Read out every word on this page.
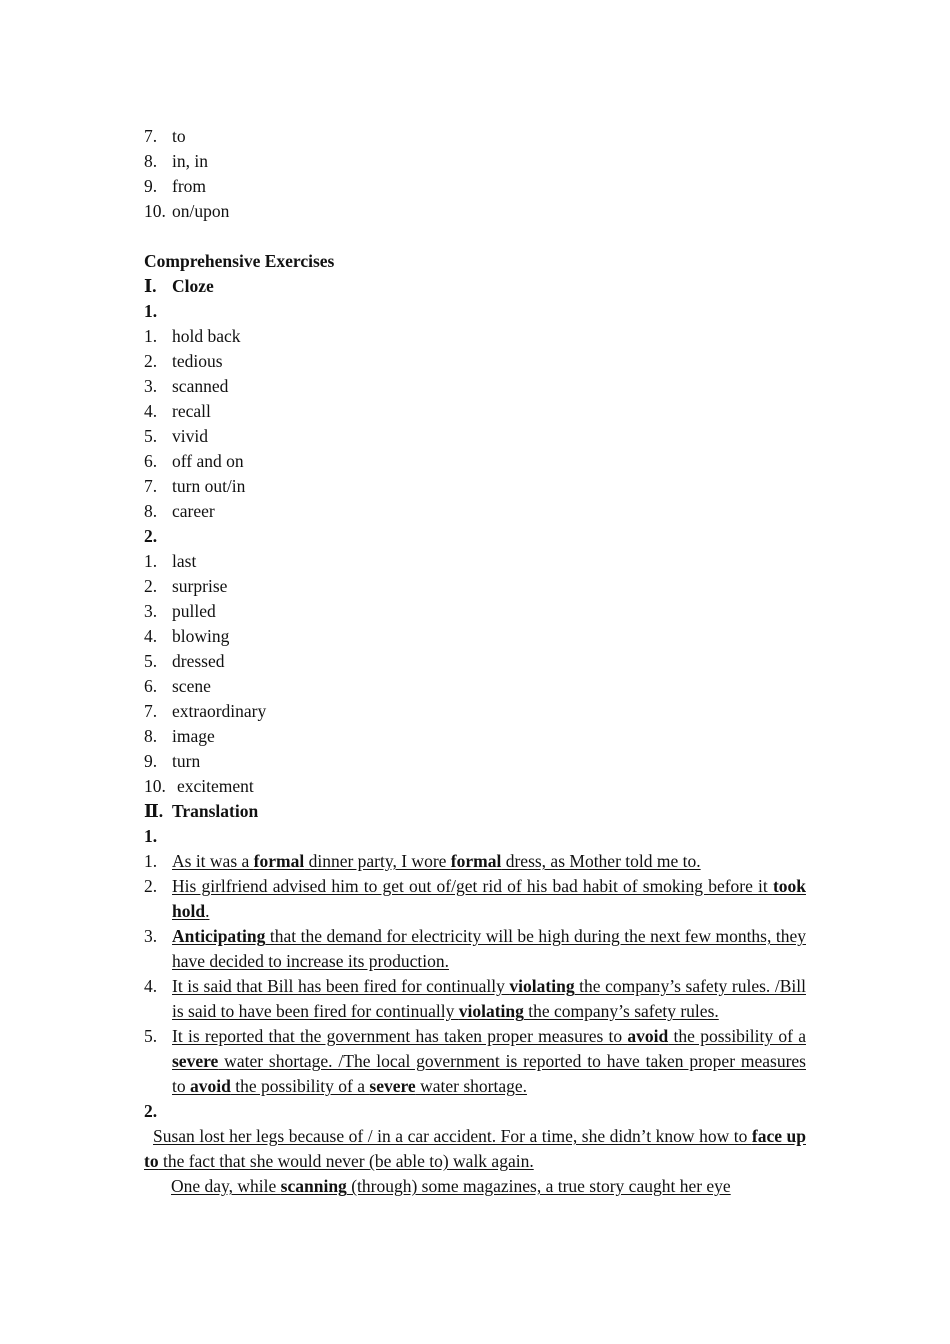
7. to
8. in, in
9. from
10. on/upon
Comprehensive Exercises
Ⅰ. Cloze
1.
1. hold back
2. tedious
3. scanned
4. recall
5. vivid
6. off and on
7. turn out/in
8. career
2.
1. last
2. surprise
3. pulled
4. blowing
5. dressed
6. scene
7. extraordinary
8. image
9. turn
10. excitement
Ⅱ. Translation
1.
1. As it was a formal dinner party, I wore formal dress, as Mother told me to.
2. His girlfriend advised him to get out of/get rid of his bad habit of smoking before it took hold.
3. Anticipating that the demand for electricity will be high during the next few months, they have decided to increase its production.
4. It is said that Bill has been fired for continually violating the company’s safety rules. /Bill is said to have been fired for continually violating the company’s safety rules.
5. It is reported that the government has taken proper measures to avoid the possibility of a severe water shortage. /The local government is reported to have taken proper measures to avoid the possibility of a severe water shortage.
2.
Susan lost her legs because of / in a car accident. For a time, she didn’t know how to face up to the fact that she would never (be able to) walk again.
One day, while scanning (through) some magazines, a true story caught her eye
